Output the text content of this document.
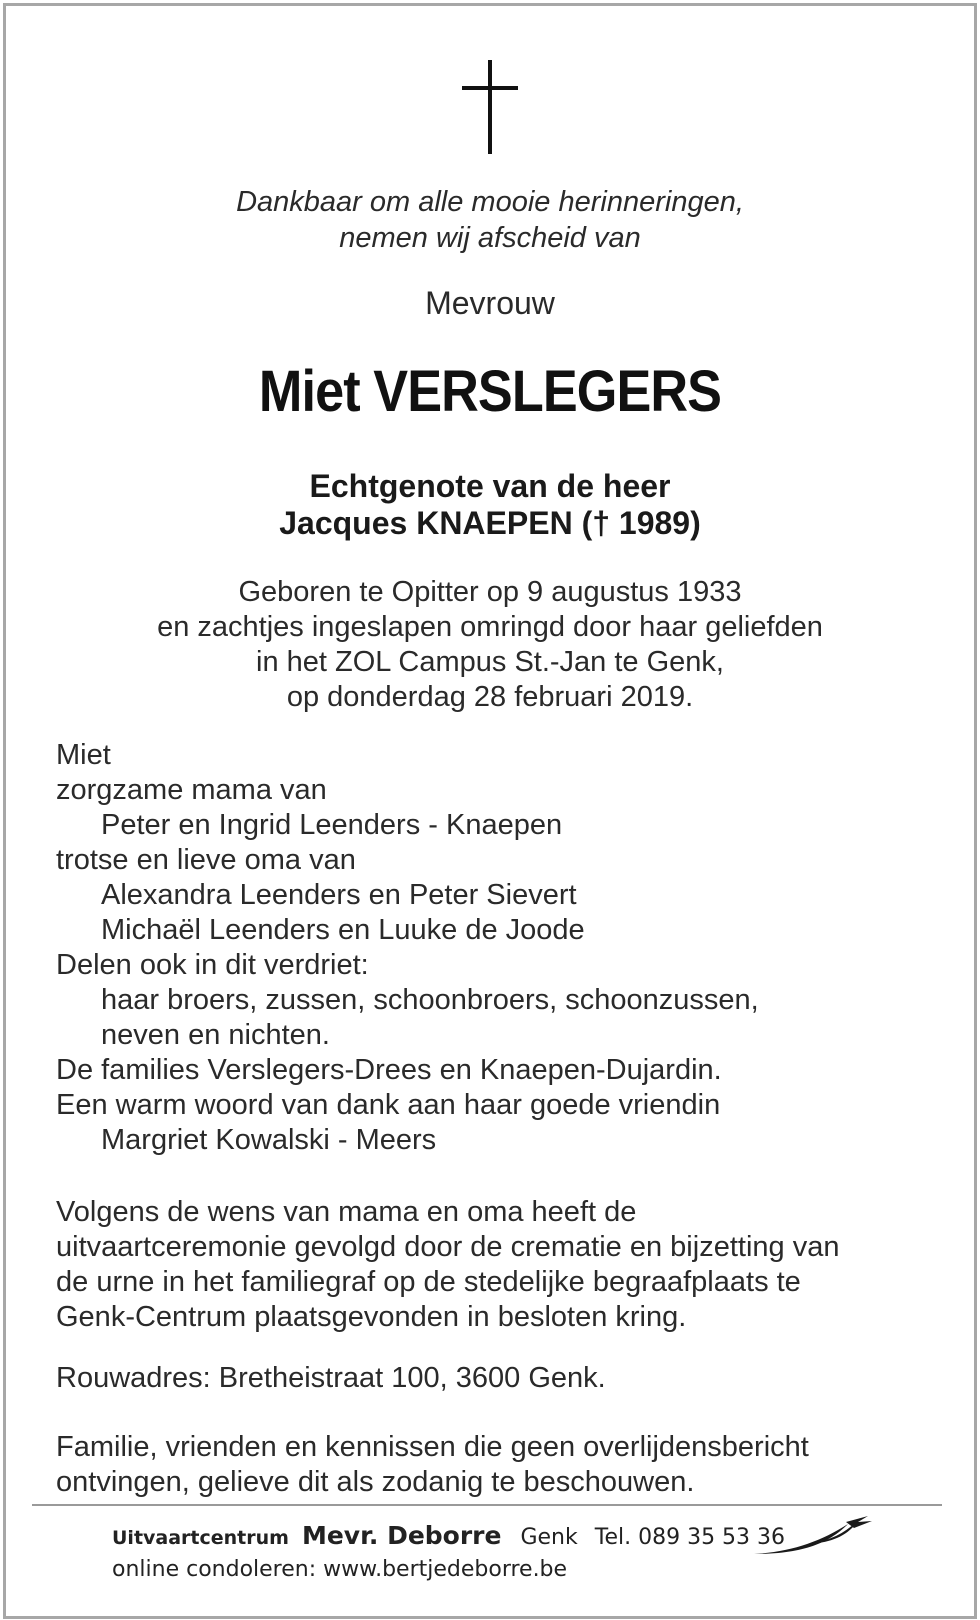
Dankbaar om alle mooie herinneringen,
nemen wij afscheid van
Mevrouw
Miet VERSLEGERS
Echtgenote van de heer
Jacques KNAEPEN († 1989)
Geboren te Opitter op 9 augustus 1933
en zachtjes ingeslapen omringd door haar geliefden
in het ZOL Campus St.-Jan te Genk,
op donderdag 28 februari 2019.
Miet
zorgzame mama van
Peter en Ingrid Leenders - Knaepen
trotse en lieve oma van
Alexandra Leenders en Peter Sievert
Michaël Leenders en Luuke de Joode
Delen ook in dit verdriet:
haar broers, zussen, schoonbroers, schoonzussen,
neven en nichten.
De families Verslegers-Drees en Knaepen-Dujardin.
Een warm woord van dank aan haar goede vriendin
Margriet Kowalski - Meers
Volgens de wens van mama en oma heeft de
uitvaartceremonie gevolgd door de crematie en bijzetting van
de urne in het familiegraf op de stedelijke begraafplaats te
Genk-Centrum plaatsgevonden in besloten kring.
Rouwadres: Bretheistraat 100, 3600 Genk.
Familie, vrienden en kennissen die geen overlijdensbericht
ontvingen, gelieve dit als zodanig te beschouwen.
Uitvaartcentrum Mevr. Deborre Genk Tel. 089 35 53 36
online condoleren: www.bertjedeborre.be
